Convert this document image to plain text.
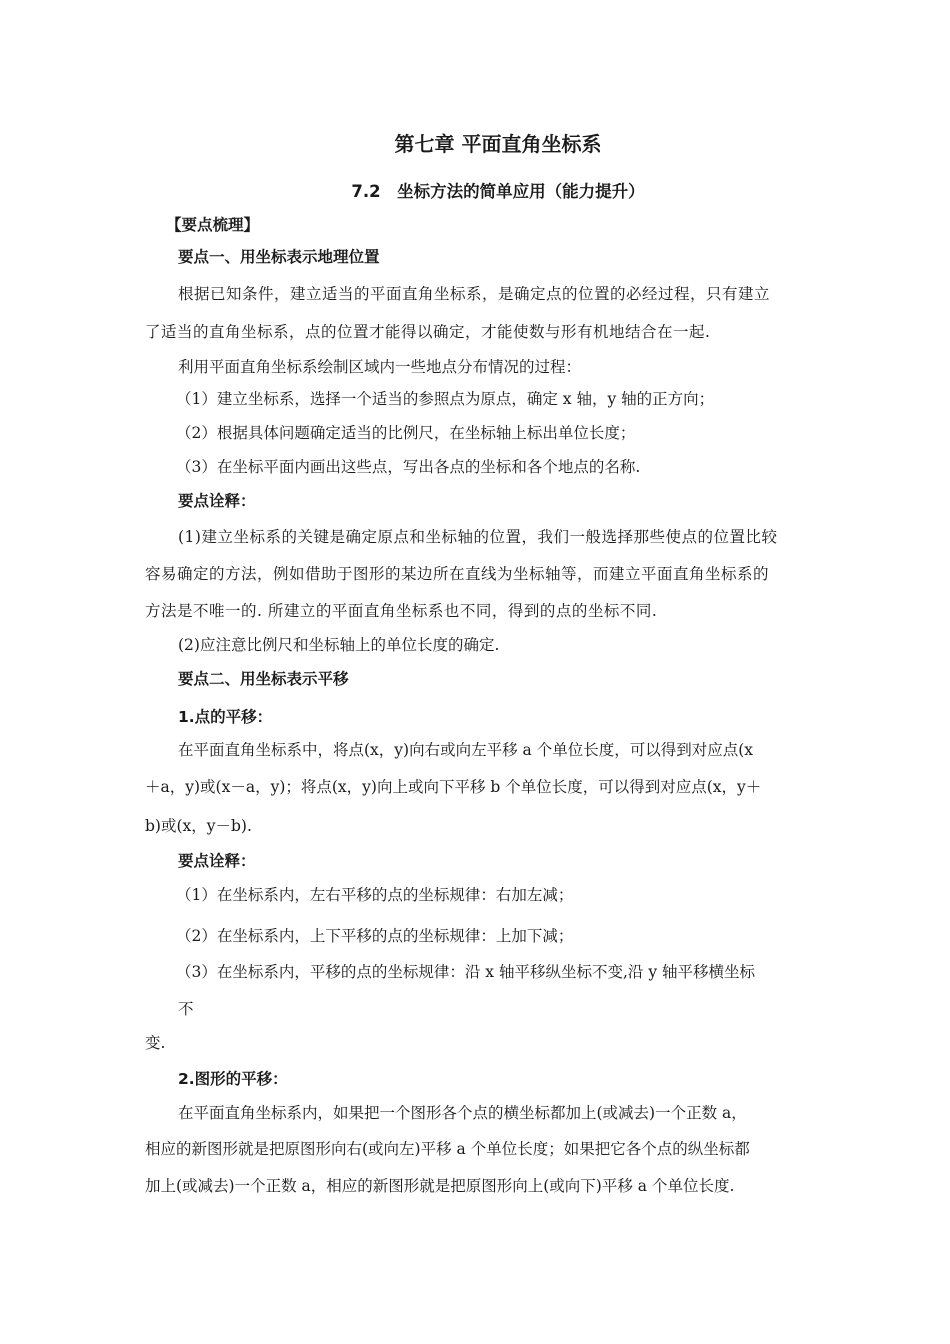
第七章 平面直角坐标系
7.2　坐标方法的简单应用（能力提升）
【要点梳理】
要点一、用坐标表示地理位置
根据已知条件，建立适当的平面直角坐标系，是确定点的位置的必经过程，只有建立
了适当的直角坐标系，点的位置才能得以确定，才能使数与形有机地结合在一起.
利用平面直角坐标系绘制区域内一些地点分布情况的过程：
（1）建立坐标系，选择一个适当的参照点为原点，确定 x 轴，y 轴的正方向；
（2）根据具体问题确定适当的比例尺，在坐标轴上标出单位长度；
（3）在坐标平面内画出这些点，写出各点的坐标和各个地点的名称.
要点诠释：
(1)建立坐标系的关键是确定原点和坐标轴的位置，我们一般选择那些使点的位置比较
容易确定的方法，例如借助于图形的某边所在直线为坐标轴等，而建立平面直角坐标系的
方法是不唯一的. 所建立的平面直角坐标系也不同，得到的点的坐标不同.
(2)应注意比例尺和坐标轴上的单位长度的确定.
要点二、用坐标表示平移
1.点的平移：
在平面直角坐标系中，将点(x，y)向右或向左平移 a 个单位长度，可以得到对应点(x
＋a，y)或(x－a，y)；将点(x，y)向上或向下平移 b 个单位长度，可以得到对应点(x，y＋
b)或(x，y－b).
要点诠释：
（1）在坐标系内，左右平移的点的坐标规律：右加左减；
（2）在坐标系内，上下平移的点的坐标规律：上加下减；
（3）在坐标系内，平移的点的坐标规律：沿 x 轴平移纵坐标不变,沿 y 轴平移横坐标
不
变.
2.图形的平移：
在平面直角坐标系内，如果把一个图形各个点的横坐标都加上(或减去)一个正数 a，
相应的新图形就是把原图形向右(或向左)平移 a 个单位长度；如果把它各个点的纵坐标都
加上(或减去)一个正数 a，相应的新图形就是把原图形向上(或向下)平移 a 个单位长度.
